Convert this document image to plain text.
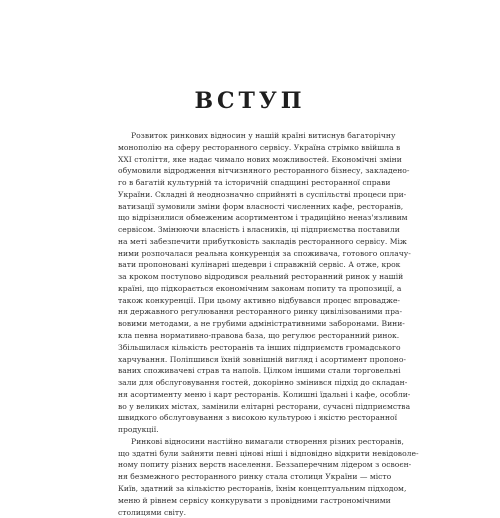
ВСТУП
Розвиток ринкових відносин у нашій країні витиснув багаторічну
монополію на сферу ресторанного сервісу. Україна стрімко ввійшла в
XXI століття, яке надає чимало нових можливостей. Економічні зміни
обумовили відродження вітчизняного ресторанного бізнесу, закладено-
го в багатій культурній та історичній спадщині ресторанної справи
України. Складні й неоднозначно сприйняті в суспільстві процеси при-
ватизації зумовили зміни форм власності численних кафе, ресторанів,
що відрізнялися обмеженим асортиментом і традиційно неназ'язливим
сервісом. Змінюючи власність і власників, ці підприємства поставили
на меті забезпечити прибутковість закладів ресторанного сервісу. Між
ними розпочалася реальна конкуренція за споживача, готового оплачу-
вати пропоновані кулінарні шедеври і справжній сервіс. А отже, крок
за кроком поступово відродився реальний ресторанний ринок у нашій
країні, що підкорається економічним законам попиту та пропозиції, а
також конкуренції. При цьому активно відбувався процес впровадже-
ня державного регулювання ресторанного ринку цивілізованими пра-
вовими методами, а не грубими адміністративними заборонами. Вини-
кла певна нормативно-правова база, що регулює ресторанний ринок.
Збільшилася кількість ресторанів та інших підприємств громадського
харчування. Поліпшився їхній зовнішній вигляд і асортимент пропоно-
ваних споживачеві страв та напоїв. Цілком іншими стали торговельні
зали для обслуговування гостей, докорінно змінився підхід до складан-
ня асортименту меню і карт ресторанів. Колишні їдальні і кафе, особли-
во у великих містах, замінили елітарні ресторани, сучасні підприємства
швидкого обслуговування з високою культурою і якістю ресторанної
продукції.
Ринкові відносини настійно вимагали створення різних ресторанів,
що здатні були зайняти певні цінові ніші і відповідно відкрити невідоволе-
ному попиту різних верств населення. Беззаперечним лідером з освоєн-
ня безмежного ресторанного ринку стала столиця України — місто
Київ, здатний за кількістю ресторанів, їхнім концептуальним підходом,
меню й рівнем сервісу конкурувати з провідними гастрономічними
столицями світу.
